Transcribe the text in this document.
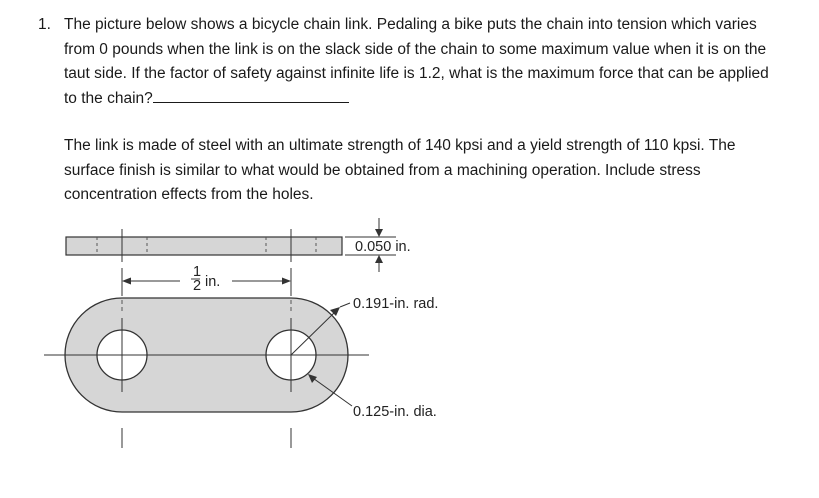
1. The picture below shows a bicycle chain link. Pedaling a bike puts the chain into tension which varies from 0 pounds when the link is on the slack side of the chain to some maximum value when it is on the taut side. If the factor of safety against infinite life is 1.2, what is the maximum force that can be applied to the chain?

The link is made of steel with an ultimate strength of 140 kpsi and a yield strength of 110 kpsi. The surface finish is similar to what would be obtained from a machining operation. Include stress concentration effects from the holes.

0.050 in.
1
2 in.
0.191-in. rad.
0.125-in. dia.
